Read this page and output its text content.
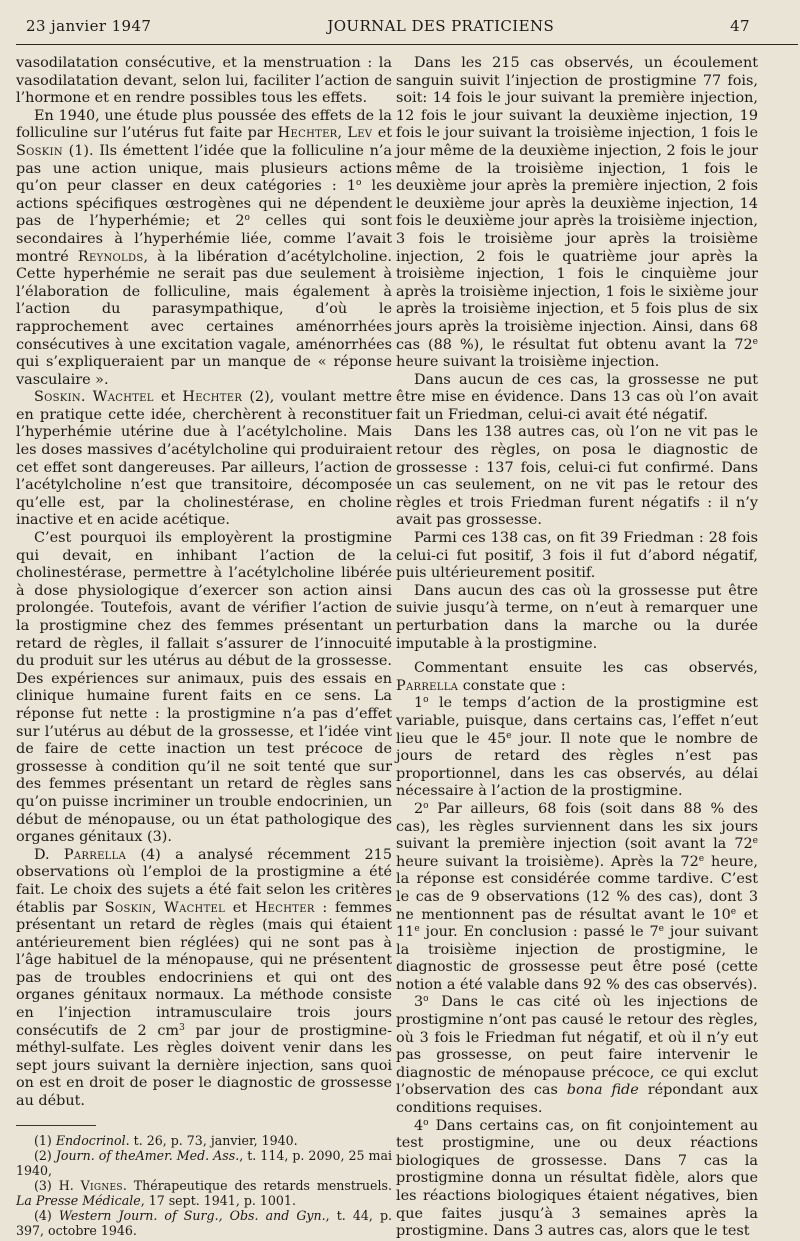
23 janvier 1947	JOURNAL DES PRATICIENS	47

vasodilatation consécutive, et la menstruation : la vasodilatation devant, selon lui, faciliter l’action de l’hormone et en rendre possibles tous les effets.

En 1940, une étude plus poussée des effets de la folliculine sur l’utérus fut faite par Hechter, Lev et Soskin (1). Ils émettent l’idée que la folliculine n’a pas une action unique, mais plusieurs actions qu’on peur classer en deux catégories : 1$^o$ les actions spécifiques œstrogènes qui ne dépendent pas de l’hyperhémie; et 2$^o$ celles qui sont secondaires à l’hyperhémie liée, comme l’avait montré Reynolds, à la libération d’acétylcholine. Cette hyperhémie ne serait pas due seulement à l’élaboration de folliculine, mais également à l’action du parasympathique, d’où le rapprochement avec certaines aménorrhées consécutives à une excitation vagale, aménorrhées qui s’expliqueraient par un manque de « réponse vasculaire ».

Soskin. Wachtel et Hechter (2), voulant mettre en pratique cette idée, cherchèrent à reconstituer l’hyperhémie utérine due à l’acétylcholine. Mais les doses massives d’acétylcholine qui produiraient cet effet sont dangereuses. Par ailleurs, l’action de l’acétylcholine n’est que transitoire, décomposée qu’elle est, par la cholinestérase, en choline inactive et en acide acétique.

C’est pourquoi ils employèrent la prostigmine qui devait, en inhibant l’action de la cholinestérase, permettre à l’acétylcholine libérée à dose physiologique d’exercer son action ainsi prolongée. Toutefois, avant de vérifier l’action de la prostigmine chez des femmes présentant un retard de règles, il fallait s’assurer de l’innocuité du produit sur les utérus au début de la grossesse. Des expériences sur animaux, puis des essais en clinique humaine furent faits en ce sens. La réponse fut nette : la prostigmine n’a pas d’effet sur l’utérus au début de la grossesse, et l’idée vint de faire de cette inaction un test précoce de grossesse à condition qu’il ne soit tenté que sur des femmes présentant un retard de règles sans qu’on puisse incriminer un trouble endocrinien, un début de ménopause, ou un état pathologique des organes génitaux (3).

D. Parrella (4) a analysé récemment 215 observations où l’emploi de la prostigmine a été fait. Le choix des sujets a été fait selon les critères établis par Soskin, Wachtel et Hechter : femmes présentant un retard de règles (mais qui étaient antérieurement bien réglées) qui ne sont pas à l’âge habituel de la ménopause, qui ne présentent pas de troubles endocriniens et qui ont des organes génitaux normaux. La méthode consiste en l’injection intramusculaire trois jours consécutifs de 2 $cm^3$ par jour de prostigmine-méthyl-sulfate. Les règles doivent venir dans les sept jours suivant la dernière injection, sans quoi on est en droit de poser le diagnostic de grossesse au début.

(1) Endocrinol. t. 26, p. 73, janvier, 1940.

(2) Journ. of theAmer. Med. Ass., t. 114, p. 2090, 25 mai 1940,

(3) H. Vignes. Thérapeutique des retards menstruels. La Presse Médicale, 17 sept. 1941, p. 1001.

(4) Western Journ. of Surg., Obs. and Gyn., t. 44, p. 397, octobre 1946.

Dans les 215 cas observés, un écoulement sanguin suivit l’injection de prostigmine 77 fois, soit: 14 fois le jour suivant la première injection, 12 fois le jour suivant la deuxième injection, 19 fois le jour suivant la troisième injection, 1 fois le jour même de la deuxième injection, 2 fois le jour même de la troisième injection, 1 fois le deuxième jour après la première injection, 2 fois le deuxième jour après la deuxième injection, 14 fois le deuxième jour après la troisième injection, 3 fois le troisième jour après la troisième injection, 2 fois le quatrième jour après la troisième injection, 1 fois le cinquième jour après la troisième injection, 1 fois le sixième jour après la troisième injection, et 5 fois plus de six jours après la troisième injection. Ainsi, dans 68 cas (88 %), le résultat fut obtenu avant la 72e heure suivant la troisième injection.

Dans aucun de ces cas, la grossesse ne put être mise en évidence. Dans 13 cas où l’on avait fait un Friedman, celui-ci avait été négatif.

Dans les 138 autres cas, où l’on ne vit pas le retour des règles, on posa le diagnostic de grossesse : 137 fois, celui-ci fut confirmé. Dans un cas seulement, on ne vit pas le retour des règles et trois Friedman furent négatifs : il n’y avait pas grossesse.

Parmi ces 138 cas, on fit 39 Friedman : 28 fois celui-ci fut positif, 3 fois il fut d’abord négatif, puis ultérieurement positif.

Dans aucun des cas où la grossesse put être suivie jusqu’à terme, on n’eut à remarquer une perturbation dans la marche ou la durée imputable à la prostigmine.

Commentant ensuite les cas observés, Parrella constate que :

1$^o$ le temps d’action de la prostigmine est variable, puisque, dans certains cas, l’effet n’eut lieu que le 45e jour. Il note que le nombre de jours de retard des règles n’est pas proportionnel, dans les cas observés, au délai nécessaire à l’action de la prostigmine.

2$^o$ Par ailleurs, 68 fois (soit dans 88 % des cas), les règles surviennent dans les six jours suivant la première injection (soit avant la 72e heure suivant la troisième). Après la 72e heure, la réponse est considérée comme tardive. C’est le cas de 9 observations (12 % des cas), dont 3 ne mentionnent pas de résultat avant le 10e et 11e jour. En conclusion : passé le 7e jour suivant la troisième injection de prostigmine, le diagnostic de grossesse peut être posé (cette notion a été valable dans 92 % des cas observés).

3$^o$ Dans le cas cité où les injections de prostigmine n’ont pas causé le retour des règles, où 3 fois le Friedman fut négatif, et où il n’y eut pas grossesse, on peut faire intervenir le diagnostic de ménopause précoce, ce qui exclut l’observation des cas bona fide répondant aux conditions requises.

4$^o$ Dans certains cas, on fit conjointement au test prostigmine, une ou deux réactions biologiques de grossesse. Dans 7 cas la prostigmine donna un résultat fidèle, alors que les réactions biologiques étaient négatives, bien que faites jusqu’à 3 semaines après la prostigmine. Dans 3 autres cas, alors que le test
